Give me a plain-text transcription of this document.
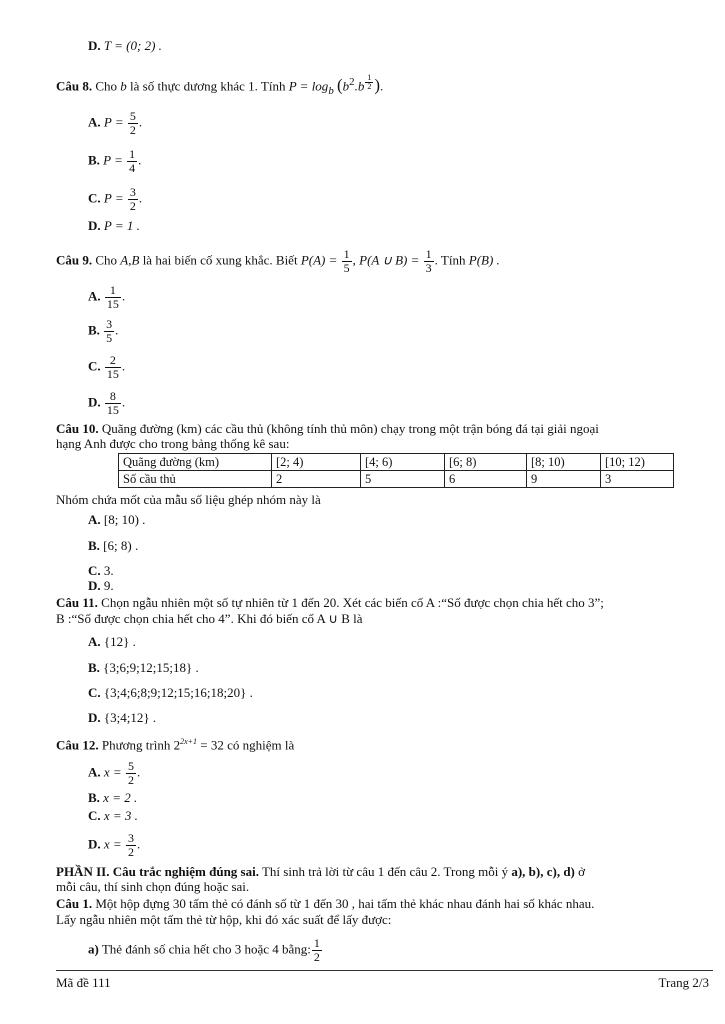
D. T = (0; 2) .
Câu 8. Cho b là số thực dương khác 1. Tính $P = \log_b (b^2.b$ $^{\frac{1}{2}}$ ).
A. $P = \frac{5}{2}$ .
B. $P = \frac{1}{4}$ .
C. $P = \frac{3}{2}$ .
D. P = 1 .
Câu 9. Cho A,B là hai biến cố xung khắc. Biết $P(A) = \frac{1}{5}$ , P(A ∪ $B) = \frac{1}{3}$ . Tính P(B) .
A. $\frac{1}{15}$ .
B. $\frac{3}{5}$ .
C. $\frac{2}{15}$ .
D. $\frac{8}{15}$ .
Câu 10. Quãng đường (km) các cầu thủ (không tính thủ môn) chạy trong một trận bóng đá tại giải ngoại
hạng Anh được cho trong bảng thống kê sau:
Quãng đường (km)	[2; 4)	[4; 6)	[6; 8)	[8; 10)	[10; 12)
Số cầu thủ	2	5	6	9	3
Nhóm chứa mốt của mẫu số liệu ghép nhóm này là
A. [8; 10) .
B. [6; 8) .
C. 3.
D. 9.
Câu 11. Chọn ngẫu nhiên một số tự nhiên từ 1 đến 20. Xét các biến cố A :“Số được chọn chia hết cho 3”;
B :“Số được chọn chia hết cho 4”. Khi đó biến cố A ∪ B là
A. {12} .
B. {3;6;9;12;15;18} .
C. {3;4;6;8;9;12;15;16;18;20} .
D. {3;4;12} .
Câu 12. Phương trình $2^{2x+1} = 32$ có nghiệm là
A. $x = \frac{5}{2}$ .
B. x = 2 .
C. x = 3 .
D. $x = \frac{3}{2}$ .
PHẦN II. Câu trắc nghiệm đúng sai. Thí sinh trả lời từ câu 1 đến câu 2. Trong mỗi ý a), b), c), d) ở
mỗi câu, thí sinh chọn đúng hoặc sai.
Câu 1. Một hộp đựng 30 tấm thẻ có đánh số từ 1 đến 30 , hai tấm thẻ khác nhau đánh hai số khác nhau.
Lấy ngẫu nhiên một tấm thẻ từ hộp, khi đó xác suất để lấy được:
a) Thẻ đánh số chia hết cho 3 hoặc 4 bằng: $\frac{1}{2}$
Mã đề 111	Trang 2/3
